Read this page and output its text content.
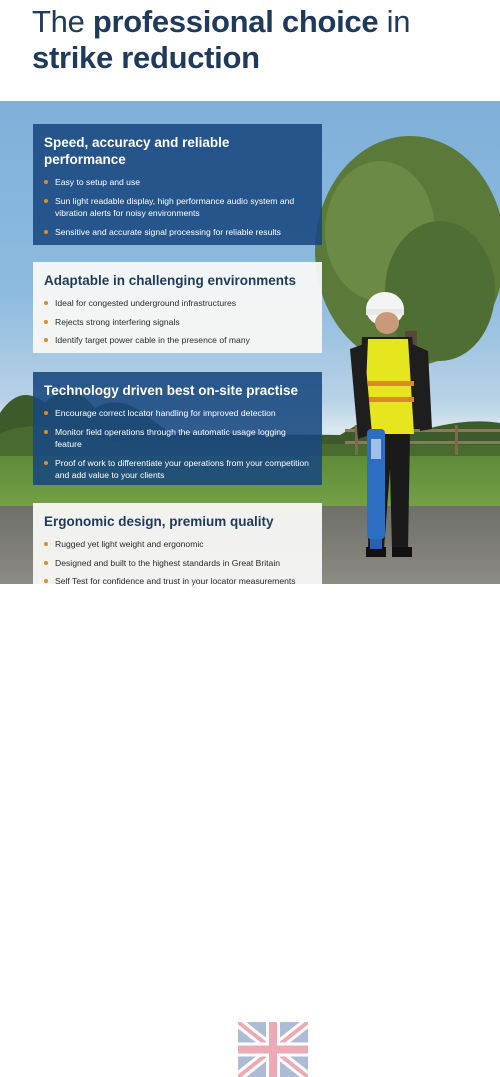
The professional choice in
strike reduction
Speed, accuracy and reliable performance
Easy to setup and use
Sun light readable display, high performance audio system and vibration alerts for noisy environments
Sensitive and accurate signal processing for reliable results
Adaptable in challenging environments
Ideal for congested underground infrastructures
Rejects strong interfering signals
Identify target power cable in the presence of many
Technology driven best on-site practise
Encourage correct locator handling for improved detection
Monitor field operations through the automatic usage logging feature
Proof of work to differentiate your operations from your competition and add value to your clients
Ergonomic design, premium quality
Rugged yet light weight and ergonomic
Designed and built to the highest standards in Great Britain
Self Test for confidence and trust in your locator measurements
